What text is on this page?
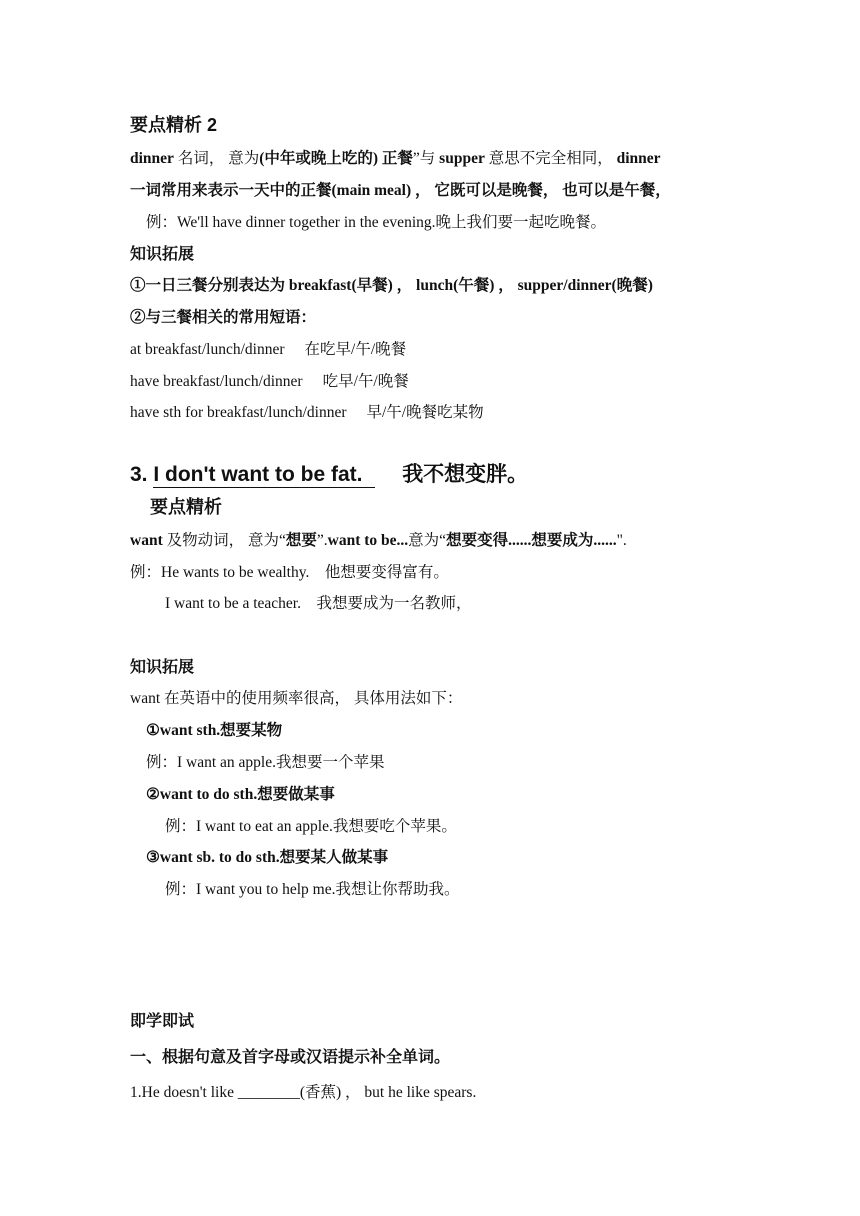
要点精析 2
dinner 名词， 意为(中年或晚上吃的) 正餐”与 supper 意思不完全相同， dinner
一词常用来表示一天中的正餐(main meal) ， 它既可以是晚餐， 也可以是午餐，
例：We'll have dinner together in the evening.晚上我们要一起吃晚餐。
知识拓展
①一日三餐分别表达为 breakfast(早餐) ， lunch(午餐) ， supper/dinner(晚餐)
②与三餐相关的常用短语：
at breakfast/lunch/dinner 在吃早/午/晚餐
have breakfast/lunch/dinner 吃早/午/晚餐
have sth for breakfast/lunch/dinner 早/午/晚餐吃某物
3. I don't want to be fat. 我不想变胖。
要点精析
want 及物动词， 意为“想要”.want to be...意为“想要变得......想要成为......".
例：He wants to be wealthy.　他想要变得富有。
I want to be a teacher.　我想要成为一名教师，
知识拓展
want 在英语中的使用频率很高， 具体用法如下：
①want sth.想要某物
例：I want an apple.我想要一个苹果
②want to do sth.想要做某事
例：I want to eat an apple.我想要吃个苹果。
③want sb. to do sth.想要某人做某事
例：I want you to help me.我想让你帮助我。
即学即试
一、根据句意及首字母或汉语提示补全单词。
1.He doesn't like ________(香蕉) ， but he like spears.
